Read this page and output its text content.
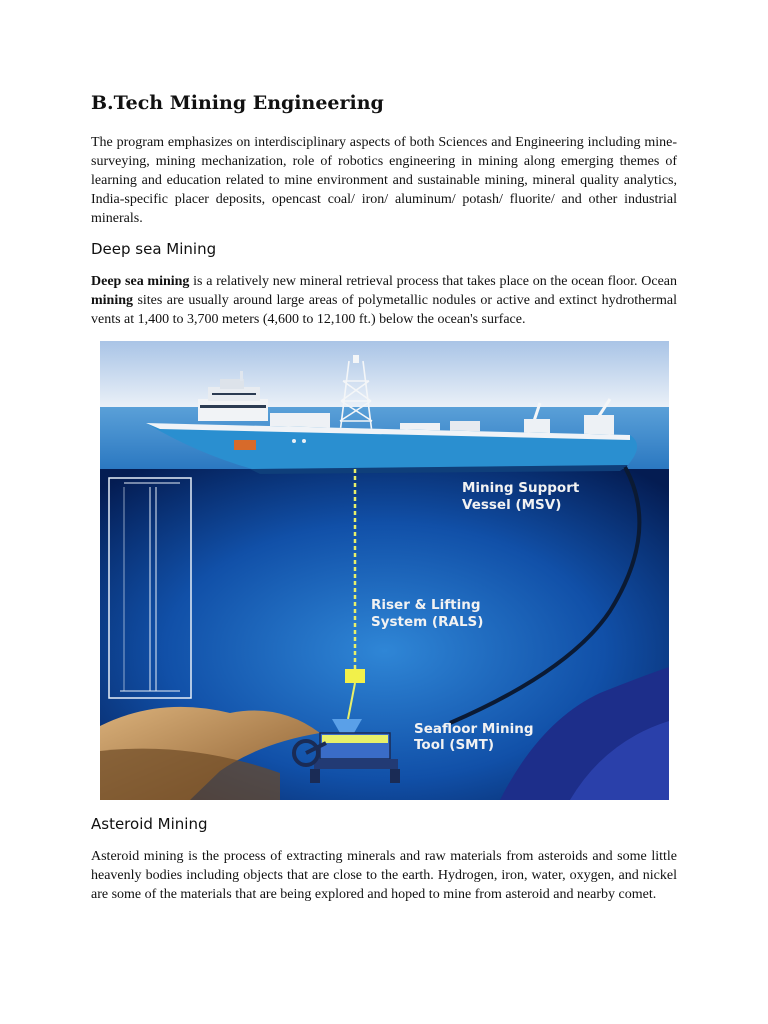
B.Tech Mining Engineering

The program emphasizes on interdisciplinary aspects of both Sciences and Engineering including mine-surveying, mining mechanization, role of robotics engineering in mining along emerging themes of learning and education related to mine environment and sustainable mining, mineral quality analytics, India-specific placer deposits, opencast coal/ iron/ aluminum/ potash/ fluorite/ and other industrial minerals.

Deep sea Mining

Deep sea mining is a relatively new mineral retrieval process that takes place on the ocean floor. Ocean mining sites are usually around large areas of polymetallic nodules or active and extinct hydrothermal vents at 1,400 to 3,700 meters (4,600 to 12,100 ft.) below the ocean's surface.

Mining Support
Vessel (MSV)
Riser & Lifting
System (RALS)
Seafloor Mining
Tool (SMT)
Asteroid Mining

Asteroid mining is the process of extracting minerals and raw materials from asteroids and some little heavenly bodies including objects that are close to the earth. Hydrogen, iron, water, oxygen, and nickel are some of the materials that are being explored and hoped to mine from asteroid and nearby comet.
